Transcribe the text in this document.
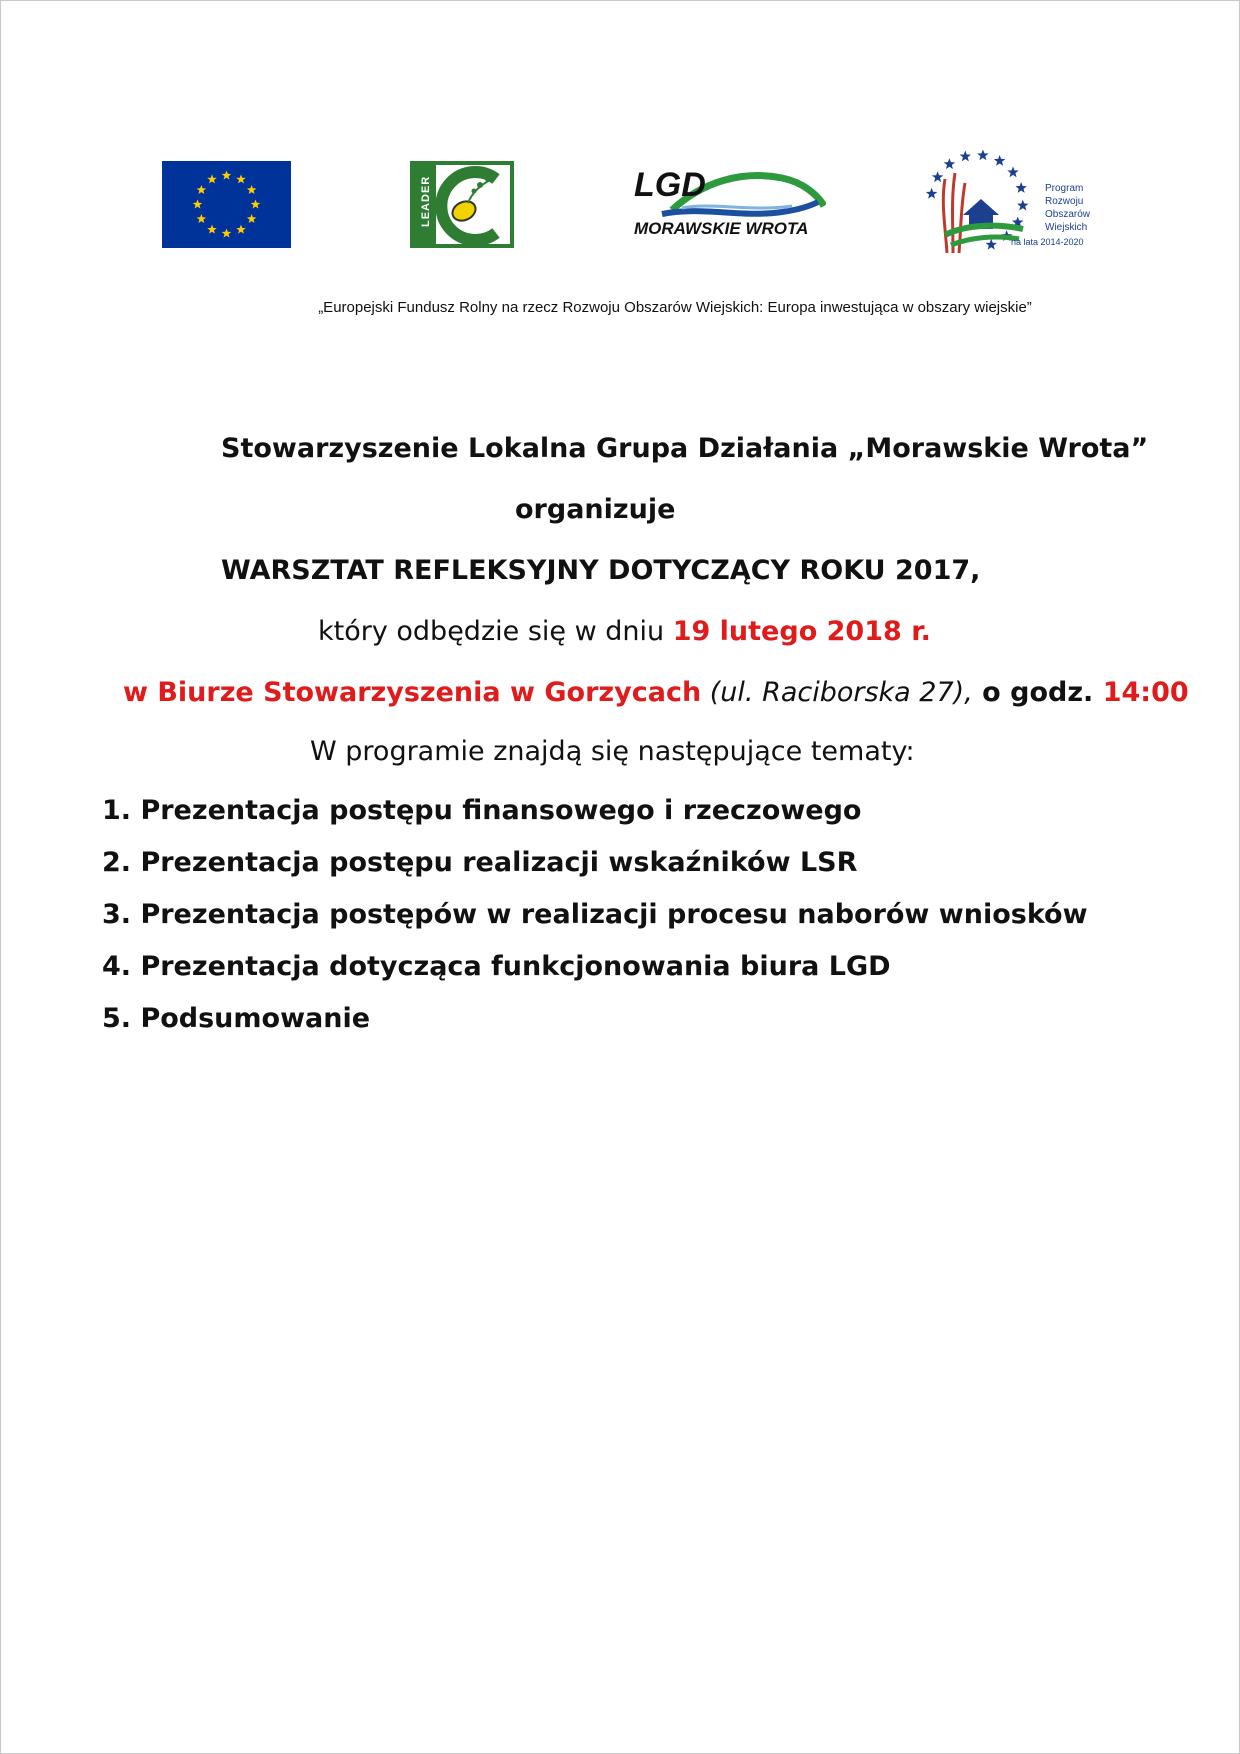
LEADER	LGD
MORAWSKIE WROTA
Program
Rozwoju
Obszarów
Wiejskich
na lata 2014-2020
„Europejski Fundusz Rolny na rzecz Rozwoju Obszarów Wiejskich: Europa inwestująca w obszary wiejskie”
Stowarzyszenie Lokalna Grupa Działania „Morawskie Wrota”
organizuje
WARSZTAT REFLEKSYJNY DOTYCZĄCY ROKU 2017,
który odbędzie się w dniu 19 lutego 2018 r.
w Biurze Stowarzyszenia w Gorzycach (ul. Raciborska 27), o godz. 14:00
W programie znajdą się następujące tematy:
1. Prezentacja postępu finansowego i rzeczowego
2. Prezentacja postępu realizacji wskaźników LSR
3. Prezentacja postępów w realizacji procesu naborów wniosków
4. Prezentacja dotycząca funkcjonowania biura LGD
5. Podsumowanie
